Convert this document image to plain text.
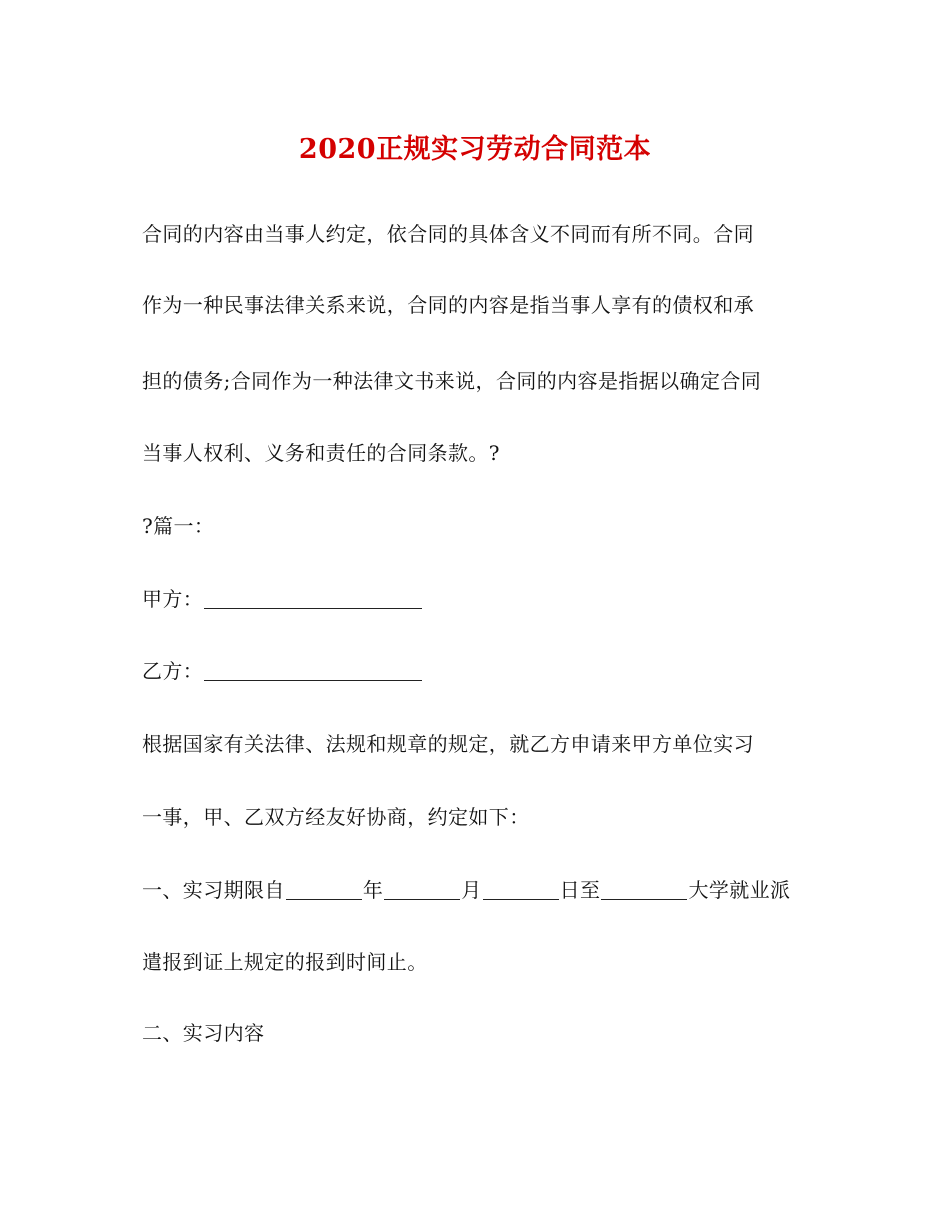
2020正规实习劳动合同范本
合同的内容由当事人约定，依合同的具体含义不同而有所不同。合同
作为一种民事法律关系来说，合同的内容是指当事人享有的债权和承
担的债务;合同作为一种法律文书来说，合同的内容是指据以确定合同
当事人权利、义务和责任的合同条款。?
?篇一：
甲方：
乙方：
根据国家有关法律、法规和规章的规定，就乙方申请来甲方单位实习
一事，甲、乙双方经友好协商，约定如下：
一、实习期限自	年	月	日至	大学就业派
遣报到证上规定的报到时间止。
二、实习内容
